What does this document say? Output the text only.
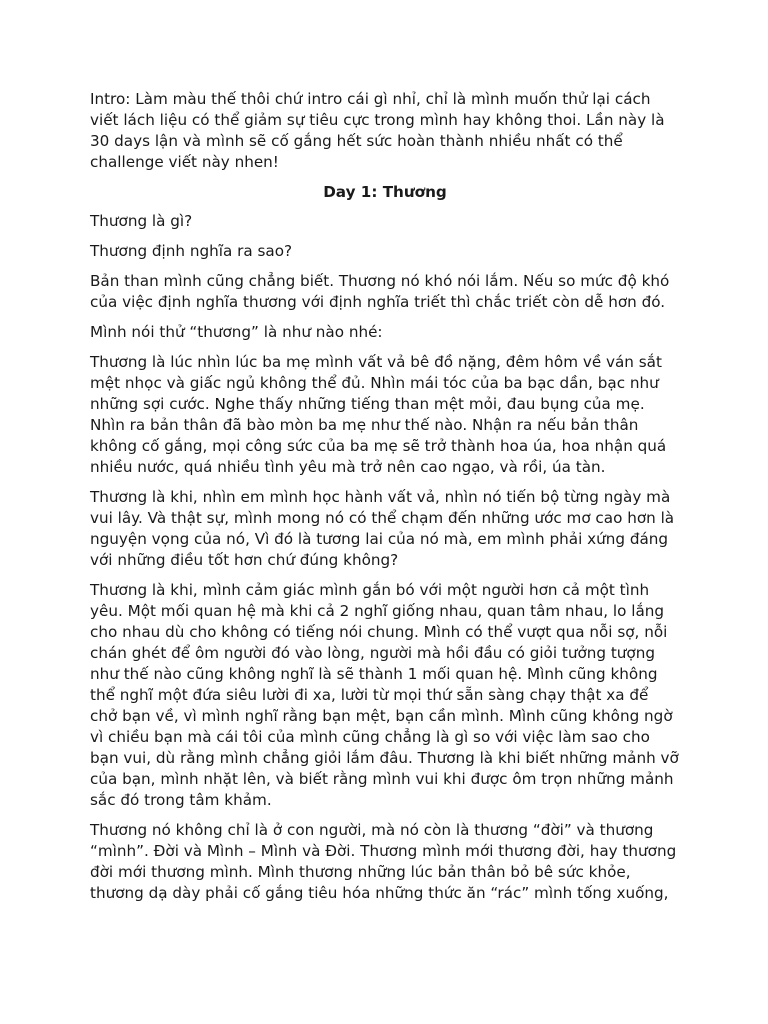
Intro: Làm màu thế thôi chứ intro cái gì nhỉ, chỉ là mình muốn thử lại cách viết lách liệu có thể giảm sự tiêu cực trong mình hay không thoi. Lần này là 30 days lận và mình sẽ cố gắng hết sức hoàn thành nhiều nhất có thể challenge viết này nhen!

Day 1: Thương

Thương là gì?

Thương định nghĩa ra sao?

Bản than mình cũng chẳng biết. Thương nó khó nói lắm. Nếu so mức độ khó của việc định nghĩa thương với định nghĩa triết thì chắc triết còn dễ hơn đó.

Mình nói thử “thương” là như nào nhé:

Thương là lúc nhìn lúc ba mẹ mình vất vả bê đồ nặng, đêm hôm về ván sắt mệt nhọc và giấc ngủ không thể đủ. Nhìn mái tóc của ba bạc dần, bạc như những sợi cước. Nghe thấy những tiếng than mệt mỏi, đau bụng của mẹ. Nhìn ra bản thân đã bào mòn ba mẹ như thế nào. Nhận ra nếu bản thân không cố gắng, mọi công sức của ba mẹ sẽ trở thành hoa úa, hoa nhận quá nhiều nước, quá nhiều tình yêu mà trở nên cao ngạo, và rồi, úa tàn.

Thương là khi, nhìn em mình học hành vất vả, nhìn nó tiến bộ từng ngày mà vui lây. Và thật sự, mình mong nó có thể chạm đến những ước mơ cao hơn là nguyện vọng của nó, Vì đó là tương lai của nó mà, em mình phải xứng đáng với những điều tốt hơn chứ đúng không?

Thương là khi, mình cảm giác mình gắn bó với một người hơn cả một tình yêu. Một mối quan hệ mà khi cả 2 nghĩ giống nhau, quan tâm nhau, lo lắng cho nhau dù cho không có tiếng nói chung. Mình có thể vượt qua nỗi sợ, nỗi chán ghét để ôm người đó vào lòng, người mà hồi đầu có giỏi tưởng tượng như thế nào cũng không nghĩ là sẽ thành 1 mối quan hệ. Mình cũng không thể nghĩ một đứa siêu lười đi xa, lười từ mọi thứ sẵn sàng chạy thật xa để chở bạn về, vì mình nghĩ rằng bạn mệt, bạn cần mình. Mình cũng không ngờ vì chiều bạn mà cái tôi của mình cũng chẳng là gì so với việc làm sao cho bạn vui, dù rằng mình chẳng giỏi lắm đâu. Thương là khi biết những mảnh vỡ của bạn, mình nhặt lên, và biết rằng mình vui khi được ôm trọn những mảnh sắc đó trong tâm khảm.

Thương nó không chỉ là ở con người, mà nó còn là thương “đời” và thương “mình”. Đời và Mình – Mình và Đời. Thương mình mới thương đời, hay thương đời mới thương mình. Mình thương những lúc bản thân bỏ bê sức khỏe, thương dạ dày phải cố gắng tiêu hóa những thức ăn “rác” mình tống xuống,
